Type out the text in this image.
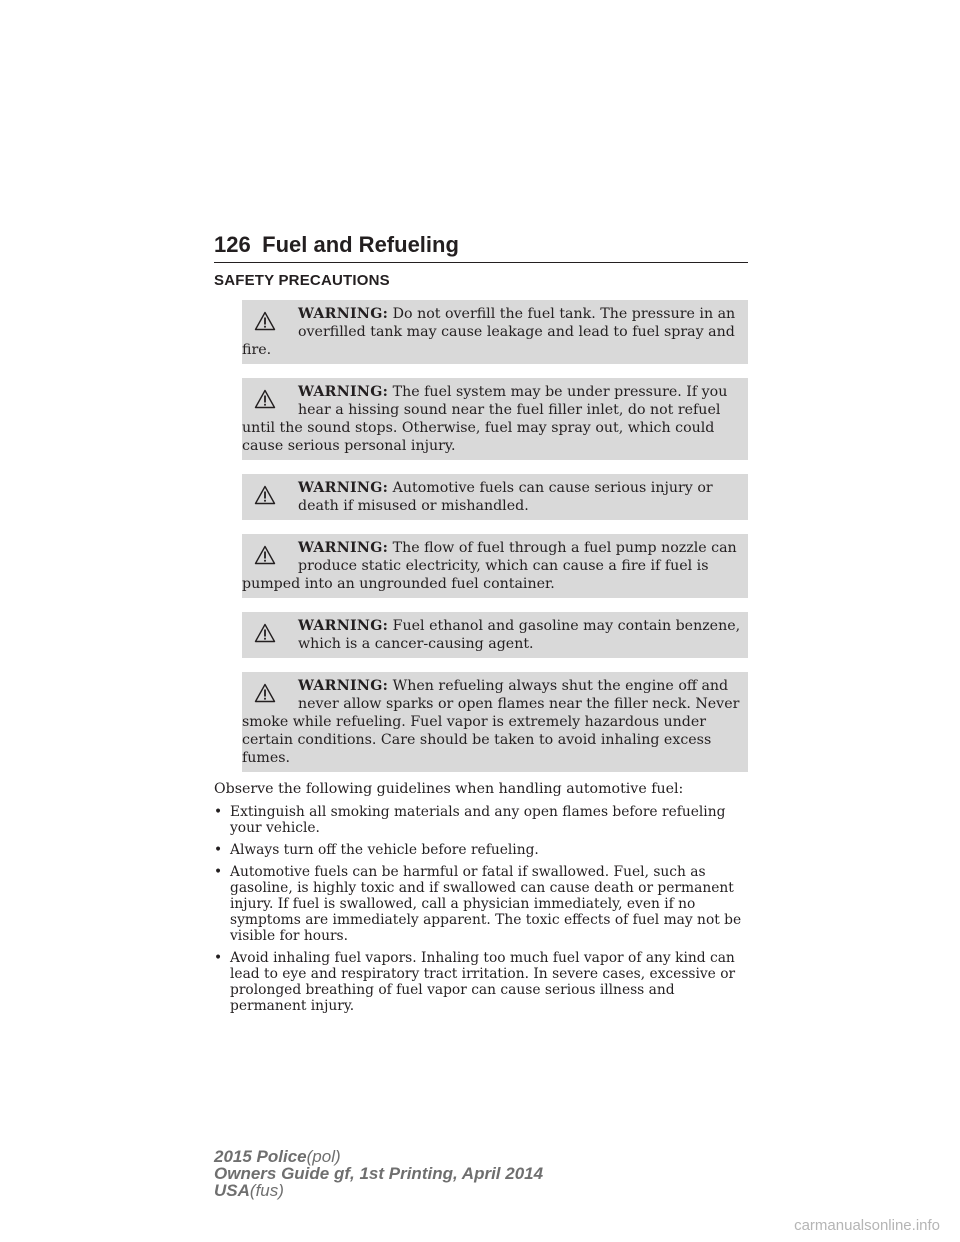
126 Fuel and Refueling
SAFETY PRECAUTIONS
WARNING: Do not overfill the fuel tank. The pressure in an overfilled tank may cause leakage and lead to fuel spray and fire.
WARNING: The fuel system may be under pressure. If you hear a hissing sound near the fuel filler inlet, do not refuel until the sound stops. Otherwise, fuel may spray out, which could cause serious personal injury.
WARNING: Automotive fuels can cause serious injury or death if misused or mishandled.
WARNING: The flow of fuel through a fuel pump nozzle can produce static electricity, which can cause a fire if fuel is pumped into an ungrounded fuel container.
WARNING: Fuel ethanol and gasoline may contain benzene, which is a cancer-causing agent.
WARNING: When refueling always shut the engine off and never allow sparks or open flames near the filler neck. Never smoke while refueling. Fuel vapor is extremely hazardous under certain conditions. Care should be taken to avoid inhaling excess fumes.
Observe the following guidelines when handling automotive fuel:
• Extinguish all smoking materials and any open flames before refueling your vehicle.
• Always turn off the vehicle before refueling.
• Automotive fuels can be harmful or fatal if swallowed. Fuel, such as gasoline, is highly toxic and if swallowed can cause death or permanent injury. If fuel is swallowed, call a physician immediately, even if no symptoms are immediately apparent. The toxic effects of fuel may not be visible for hours.
• Avoid inhaling fuel vapors. Inhaling too much fuel vapor of any kind can lead to eye and respiratory tract irritation. In severe cases, excessive or prolonged breathing of fuel vapor can cause serious illness and permanent injury.
2015 Police(pol)
Owners Guide gf, 1st Printing, April 2014
USA(fus)
carmanualsonline.info
